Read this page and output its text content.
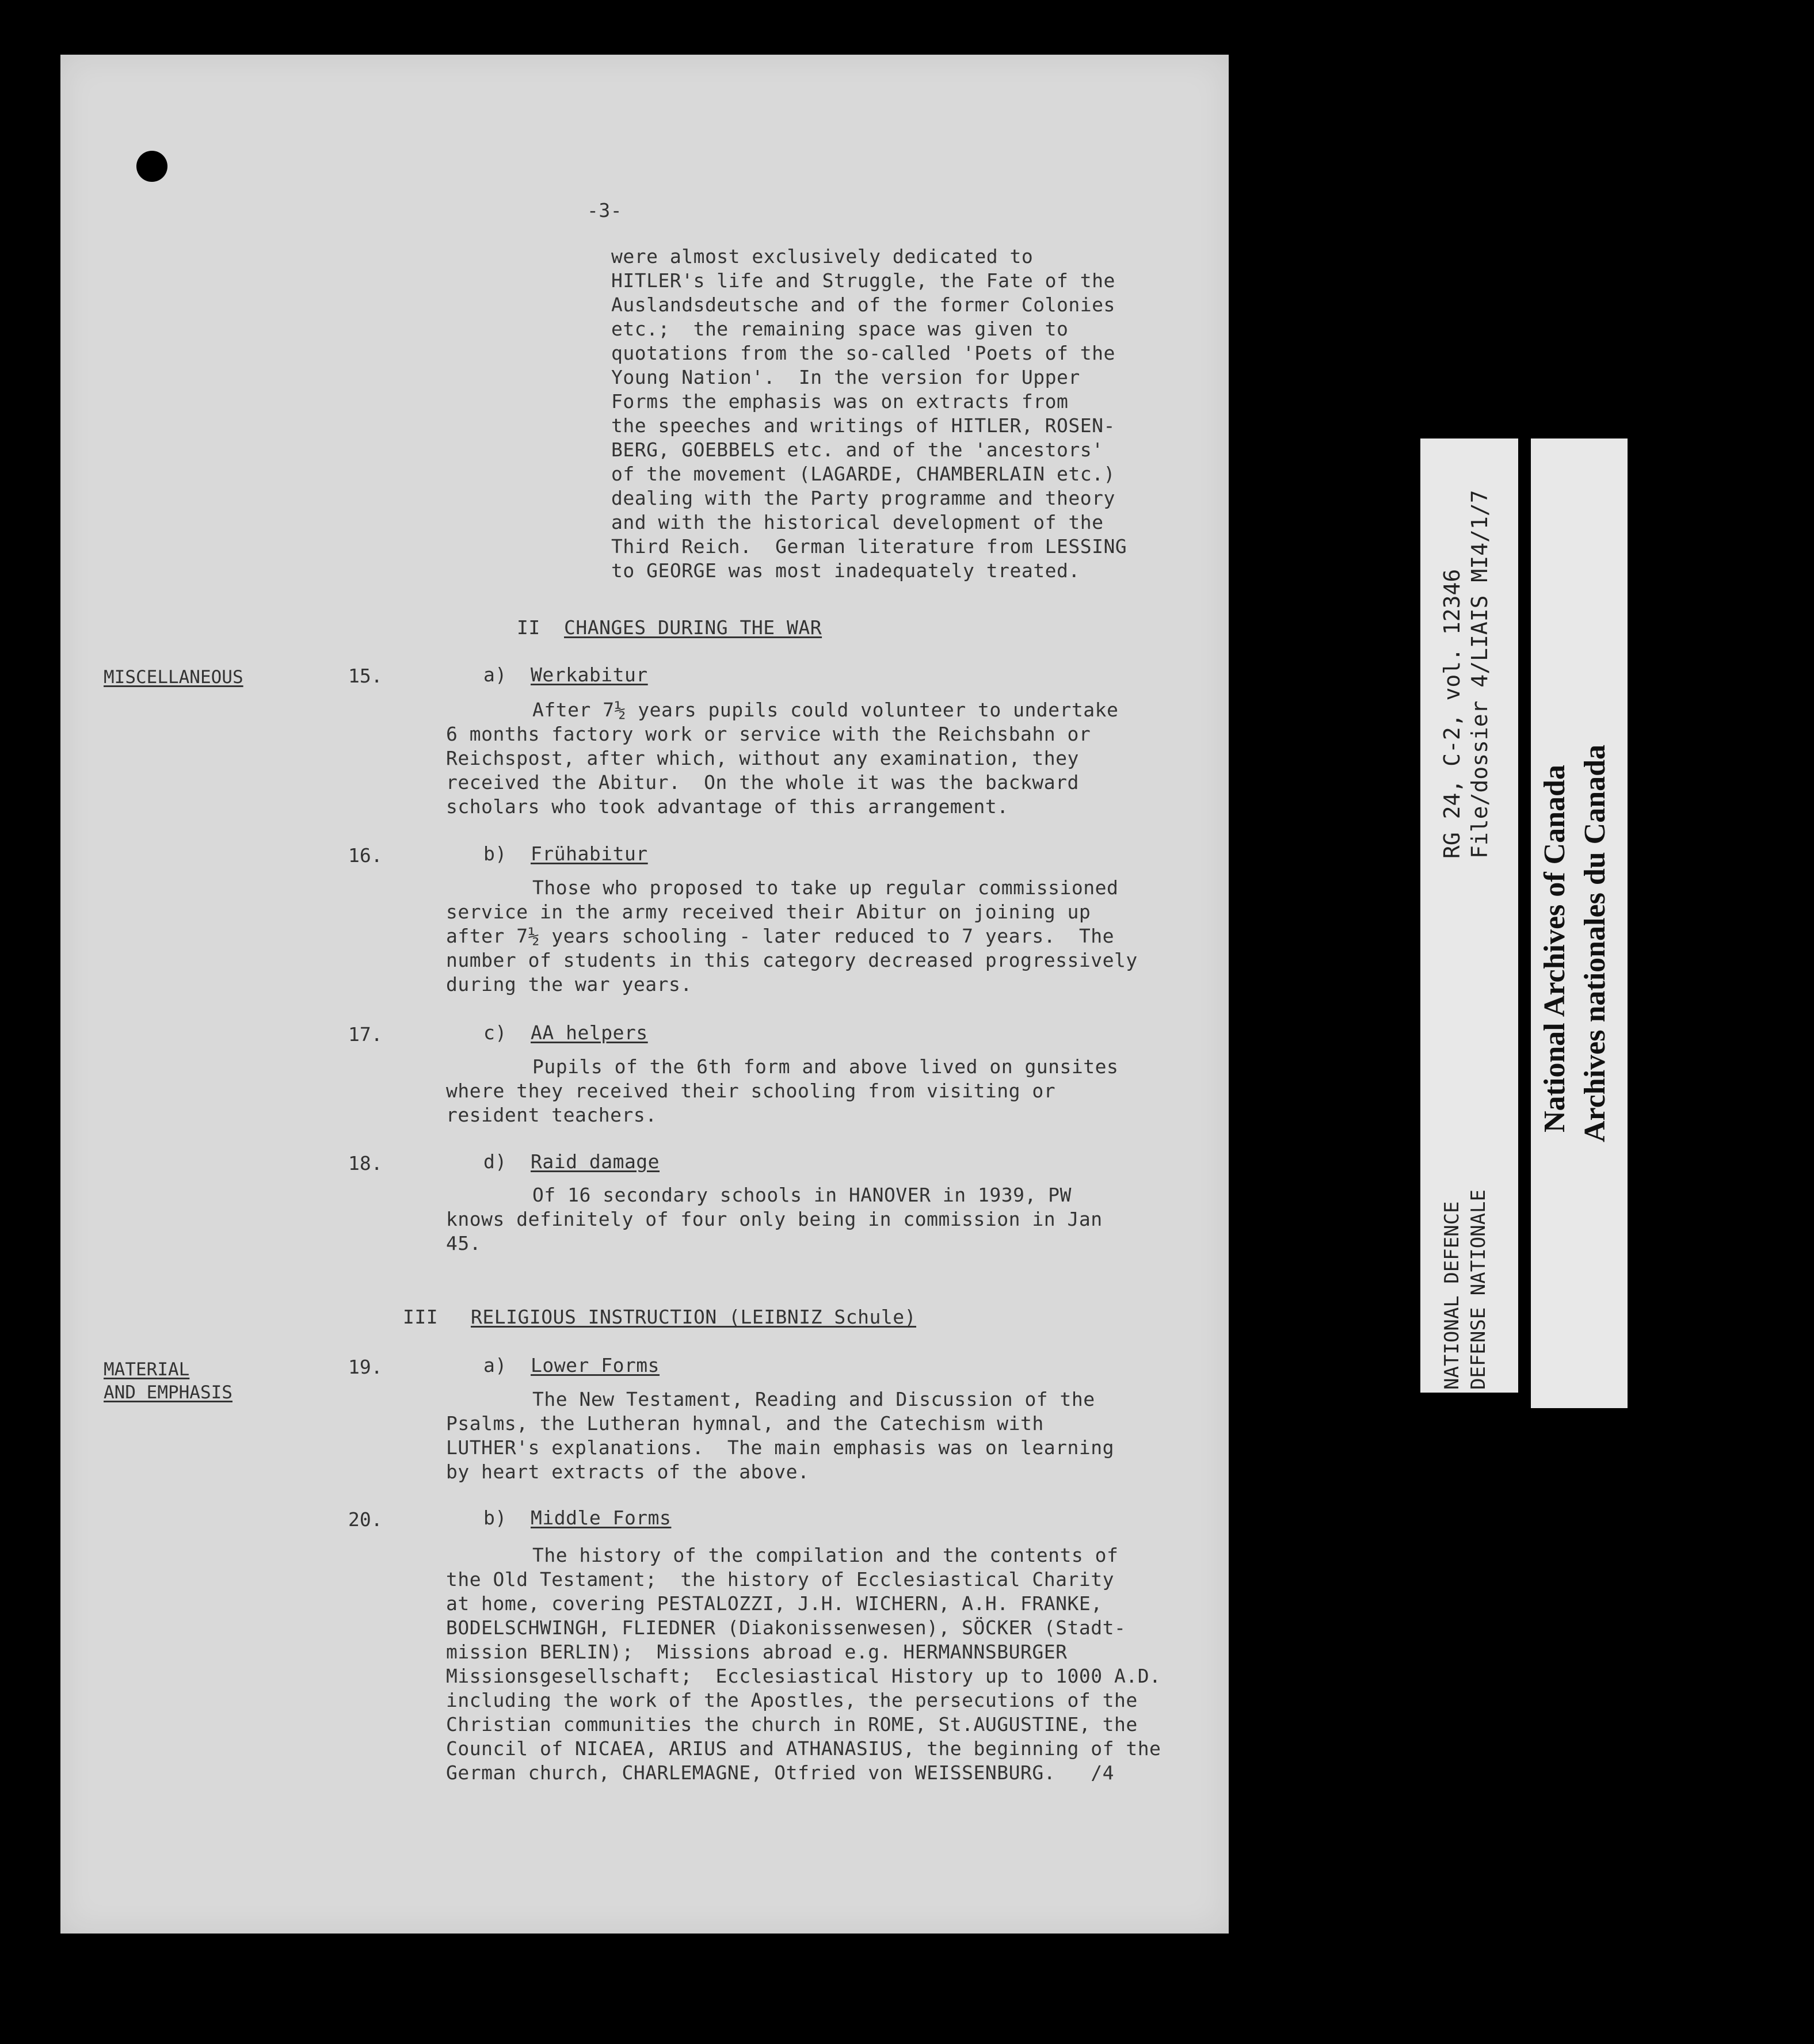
-3-
were almost exclusively dedicated to
HITLER's life and Struggle, the Fate of the
Auslandsdeutsche and of the former Colonies
etc.;  the remaining space was given to
quotations from the so-called 'Poets of the
Young Nation'.  In the version for Upper
Forms the emphasis was on extracts from
the speeches and writings of HITLER, ROSEN-
BERG, GOEBBELS etc. and of the 'ancestors'
of the movement (LAGARDE, CHAMBERLAIN etc.)
dealing with the Party programme and theory
and with the historical development of the
Third Reich.  German literature from LESSING
to GEORGE was most inadequately treated.
II CHANGES DURING THE WAR
MISCELLANEOUS	15.	a) Werkabitur
After 7½ years pupils could volunteer to undertake
6 months factory work or service with the Reichsbahn or
Reichspost, after which, without any examination, they
received the Abitur.  On the whole it was the backward
scholars who took advantage of this arrangement.
16.	b) Frühabitur
Those who proposed to take up regular commissioned
service in the army received their Abitur on joining up
after 7½ years schooling - later reduced to 7 years.  The
number of students in this category decreased progressively
during the war years.
17.	c) AA helpers
Pupils of the 6th form and above lived on gunsites
where they received their schooling from visiting or
resident teachers.
18.	d) Raid damage
Of 16 secondary schools in HANOVER in 1939, PW
knows definitely of four only being in commission in Jan
45.
III RELIGIOUS INSTRUCTION (LEIBNIZ Schule)
MATERIAL
AND EMPHASIS
19.	a) Lower Forms
The New Testament, Reading and Discussion of the
Psalms, the Lutheran hymnal, and the Catechism with
LUTHER's explanations.  The main emphasis was on learning
by heart extracts of the above.
20.	b) Middle Forms
The history of the compilation and the contents of
the Old Testament;  the history of Ecclesiastical Charity
at home, covering PESTALOZZI, J.H. WICHERN, A.H. FRANKE,
BODELSCHWINGH, FLIEDNER (Diakonissenwesen), SÖCKER (Stadt-
mission BERLIN);  Missions abroad e.g. HERMANNSBURGER
Missionsgesellschaft;  Ecclesiastical History up to 1000 A.D.
including the work of the Apostles, the persecutions of the
Christian communities the church in ROME, St.AUGUSTINE, the
Council of NICAEA, ARIUS and ATHANASIUS, the beginning of the
German church, CHARLEMAGNE, Otfried von WEISSENBURG.   /4
RG 24, C-2, vol. 12346 File/dossier 4/LIAIS MI4/1/7
NATIONAL DEFENCE DEFENSE NATIONALE
National Archives of Canada Archives nationales du Canada
